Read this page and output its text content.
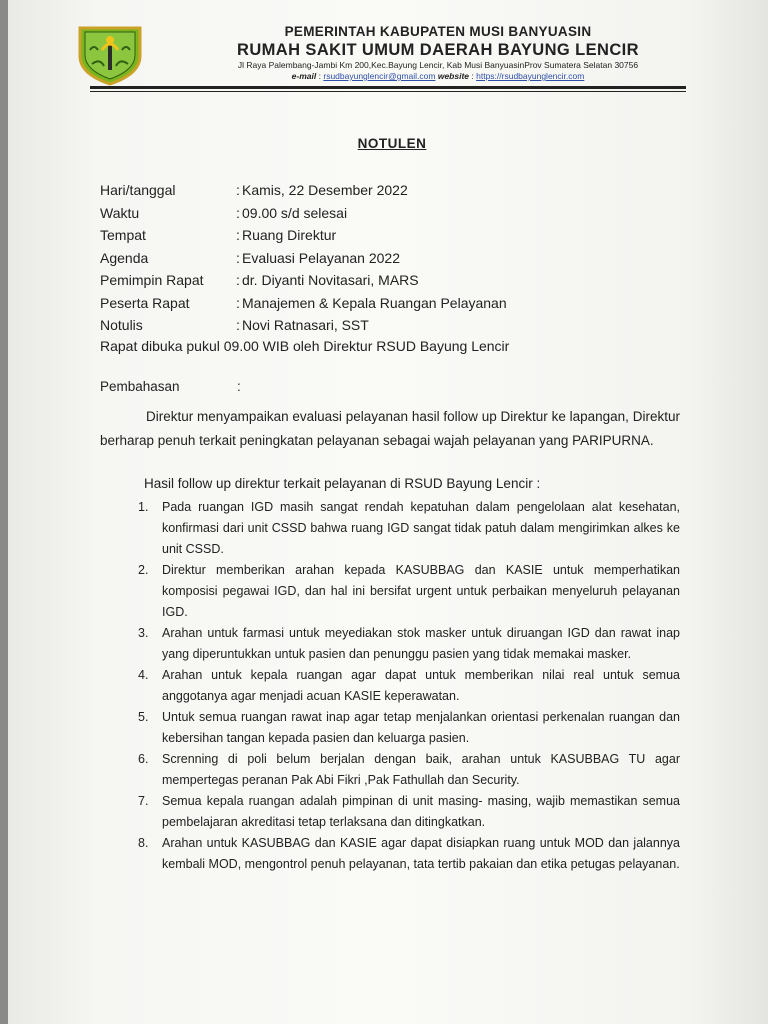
PEMERINTAH KABUPATEN MUSI BANYUASIN

RUMAH SAKIT UMUM DAERAH BAYUNG LENCIR

Jl Raya Palembang-Jambi Km 200,Kec.Bayung Lencir, Kab Musi BanyuasinProv Sumatera Selatan 30756

e-mail : rsudbayunglencir@gmail.com website : https://rsudbayunglencir.com

NOTULEN
Hari/tanggal	: Kamis, 22 Desember 2022
Waktu	: 09.00 s/d selesai
Tempat	: Ruang Direktur
Agenda	: Evaluasi Pelayanan 2022
Pemimpin Rapat	: dr. Diyanti Novitasari, MARS
Peserta Rapat	: Manajemen & Kepala Ruangan Pelayanan
Notulis	: Novi Ratnasari, SST
Rapat dibuka pukul 09.00 WIB oleh Direktur RSUD Bayung Lencir
Pembahasan	:
Direktur menyampaikan evaluasi pelayanan hasil follow up Direktur ke lapangan, Direktur berharap penuh terkait peningkatan pelayanan sebagai wajah pelayanan yang PARIPURNA.
Hasil follow up direktur terkait pelayanan di RSUD Bayung Lencir :
1.	Pada ruangan IGD masih sangat rendah kepatuhan dalam pengelolaan alat kesehatan, konfirmasi dari unit CSSD bahwa ruang IGD sangat tidak patuh dalam mengirimkan alkes ke unit CSSD.
2.	Direktur memberikan arahan kepada KASUBBAG dan KASIE untuk memperhatikan komposisi pegawai IGD, dan hal ini bersifat urgent untuk perbaikan menyeluruh pelayanan IGD.
3.	Arahan untuk farmasi untuk meyediakan stok masker untuk diruangan IGD dan rawat inap yang diperuntukkan untuk pasien dan penunggu pasien yang tidak memakai masker.
4.	Arahan untuk kepala ruangan agar dapat untuk memberikan nilai real untuk semua anggotanya agar menjadi acuan KASIE keperawatan.
5.	Untuk semua ruangan rawat inap agar tetap menjalankan orientasi perkenalan ruangan dan kebersihan tangan kepada pasien dan keluarga pasien.
6.	Screnning di poli belum berjalan dengan baik, arahan untuk KASUBBAG TU agar mempertegas peranan Pak Abi Fikri ,Pak Fathullah dan Security.
7.	Semua kepala ruangan adalah pimpinan di unit masing- masing, wajib memastikan semua pembelajaran akreditasi tetap terlaksana dan ditingkatkan.
8.	Arahan untuk KASUBBAG dan KASIE agar dapat disiapkan ruang untuk MOD dan jalannya kembali MOD, mengontrol penuh pelayanan, tata tertib pakaian dan etika petugas pelayanan.
